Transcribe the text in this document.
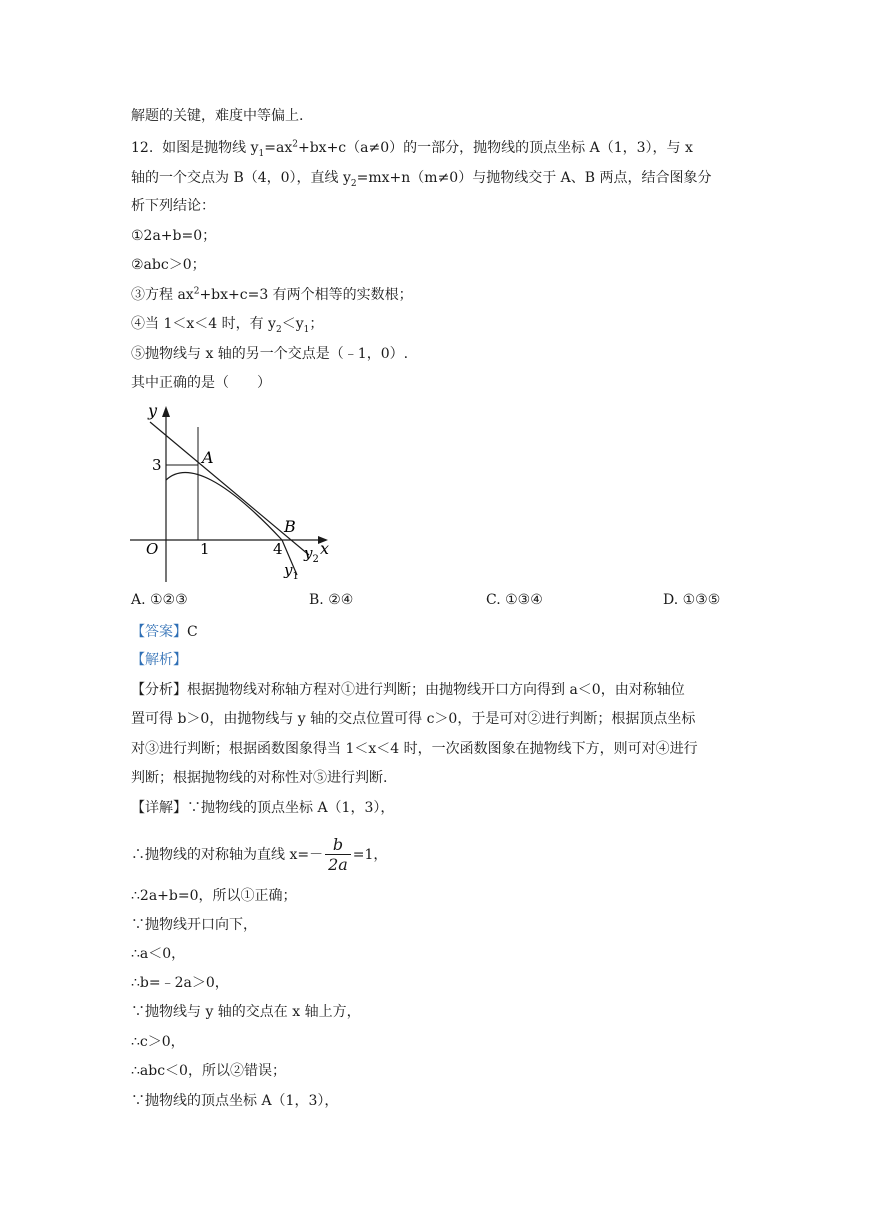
解题的关键，难度中等偏上.
12. 如图是抛物线 $y_1=ax^2+bx+c(a\ne 0)$的一部分，抛物线的顶点坐标 A（1，3），与 x
轴的一个交点为 B（4，0），直线 $y_2=mx+n(m\ne 0)$与抛物线交于 A、B 两点，结合图象分
析下列结论：
①2a+b=0；
②abc＞0；
③方程 $ax^2+bx+c=3$ 有两个相等的实数根；
④当 1＜x＜4 时，有 $y_2<y_1$；
⑤抛物线与 x 轴的另一个交点是（﹣1，0）.
其中正确的是（　　）
y
x
O	1	4
3	A
B
$y_2$
$y_1$
A. ①②③	B. ②④	C. ①③④	D. ①③⑤
【答案】C
【解析】
【分析】根据抛物线对称轴方程对①进行判断；由抛物线开口方向得到 a＜0，由对称轴位
置可得 b＞0，由抛物线与 y 轴的交点位置可得 c＞0，于是可对②进行判断；根据顶点坐标
对③进行判断；根据函数图象得当 1＜x＜4 时，一次函数图象在抛物线下方，则可对④进行
判断；根据抛物线的对称性对⑤进行判断.
【详解】∵抛物线的顶点坐标 A（1，3），
∴抛物线的对称轴为直线 $x=- \frac{b}{2a} =1$，
∴2a+b=0，所以①正确；
∵抛物线开口向下，
∴a＜0，
∴b=﹣2a＞0，
∵抛物线与 y 轴的交点在 x 轴上方，
∴c＞0，
∴abc＜0，所以②错误；
∵抛物线的顶点坐标 A（1，3），
